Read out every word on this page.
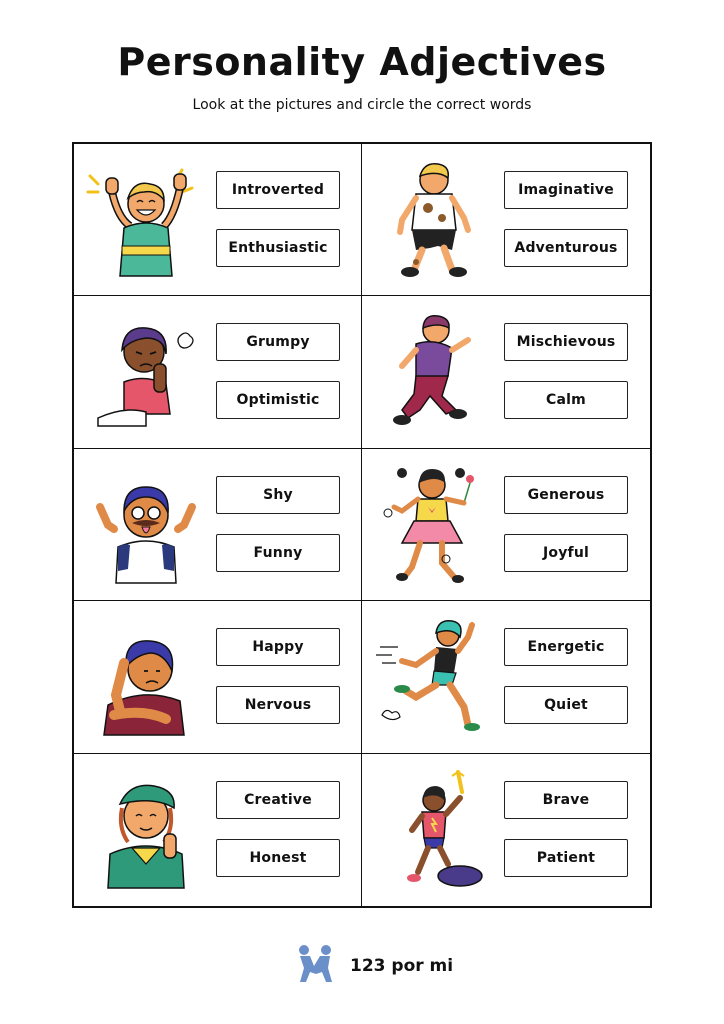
Personality Adjectives
Look at the pictures and circle the correct words
Introverted
Enthusiastic
Imaginative
Adventurous
Grumpy
Optimistic
Mischievous
Calm
Shy
Funny
Generous
Joyful
Happy
Nervous
Energetic
Quiet
Creative
Honest
Brave
Patient
123 por mi
